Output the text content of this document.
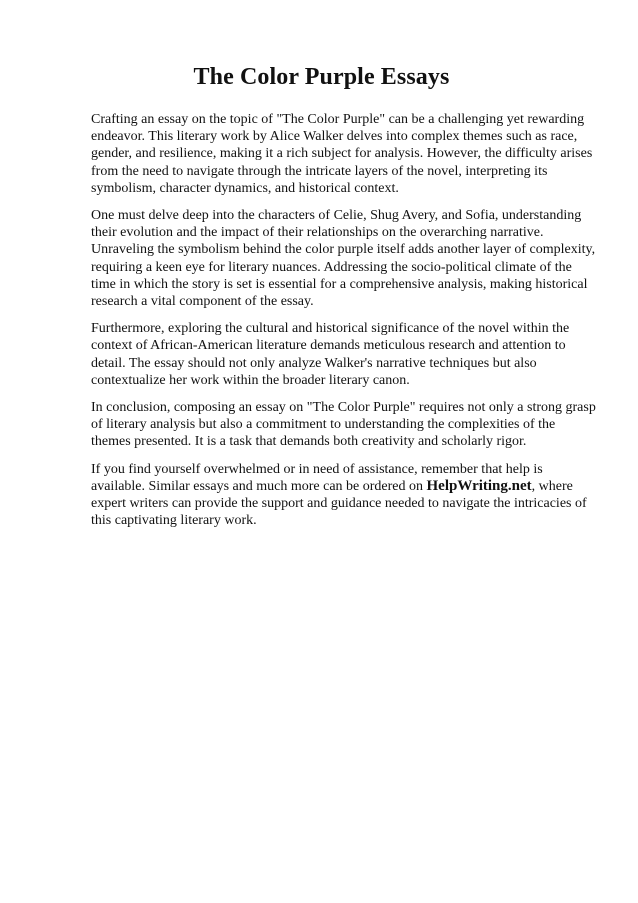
The Color Purple Essays

Crafting an essay on the topic of "The Color Purple" can be a challenging yet rewarding endeavor. This literary work by Alice Walker delves into complex themes such as race, gender, and resilience, making it a rich subject for analysis. However, the difficulty arises from the need to navigate through the intricate layers of the novel, interpreting its symbolism, character dynamics, and historical context.

One must delve deep into the characters of Celie, Shug Avery, and Sofia, understanding their evolution and the impact of their relationships on the overarching narrative. Unraveling the symbolism behind the color purple itself adds another layer of complexity, requiring a keen eye for literary nuances. Addressing the socio-political climate of the time in which the story is set is essential for a comprehensive analysis, making historical research a vital component of the essay.

Furthermore, exploring the cultural and historical significance of the novel within the context of African-American literature demands meticulous research and attention to detail. The essay should not only analyze Walker's narrative techniques but also contextualize her work within the broader literary canon.

In conclusion, composing an essay on "The Color Purple" requires not only a strong grasp of literary analysis but also a commitment to understanding the complexities of the themes presented. It is a task that demands both creativity and scholarly rigor.

If you find yourself overwhelmed or in need of assistance, remember that help is available. Similar essays and much more can be ordered on HelpWriting.net, where expert writers can provide the support and guidance needed to navigate the intricacies of this captivating literary work.
